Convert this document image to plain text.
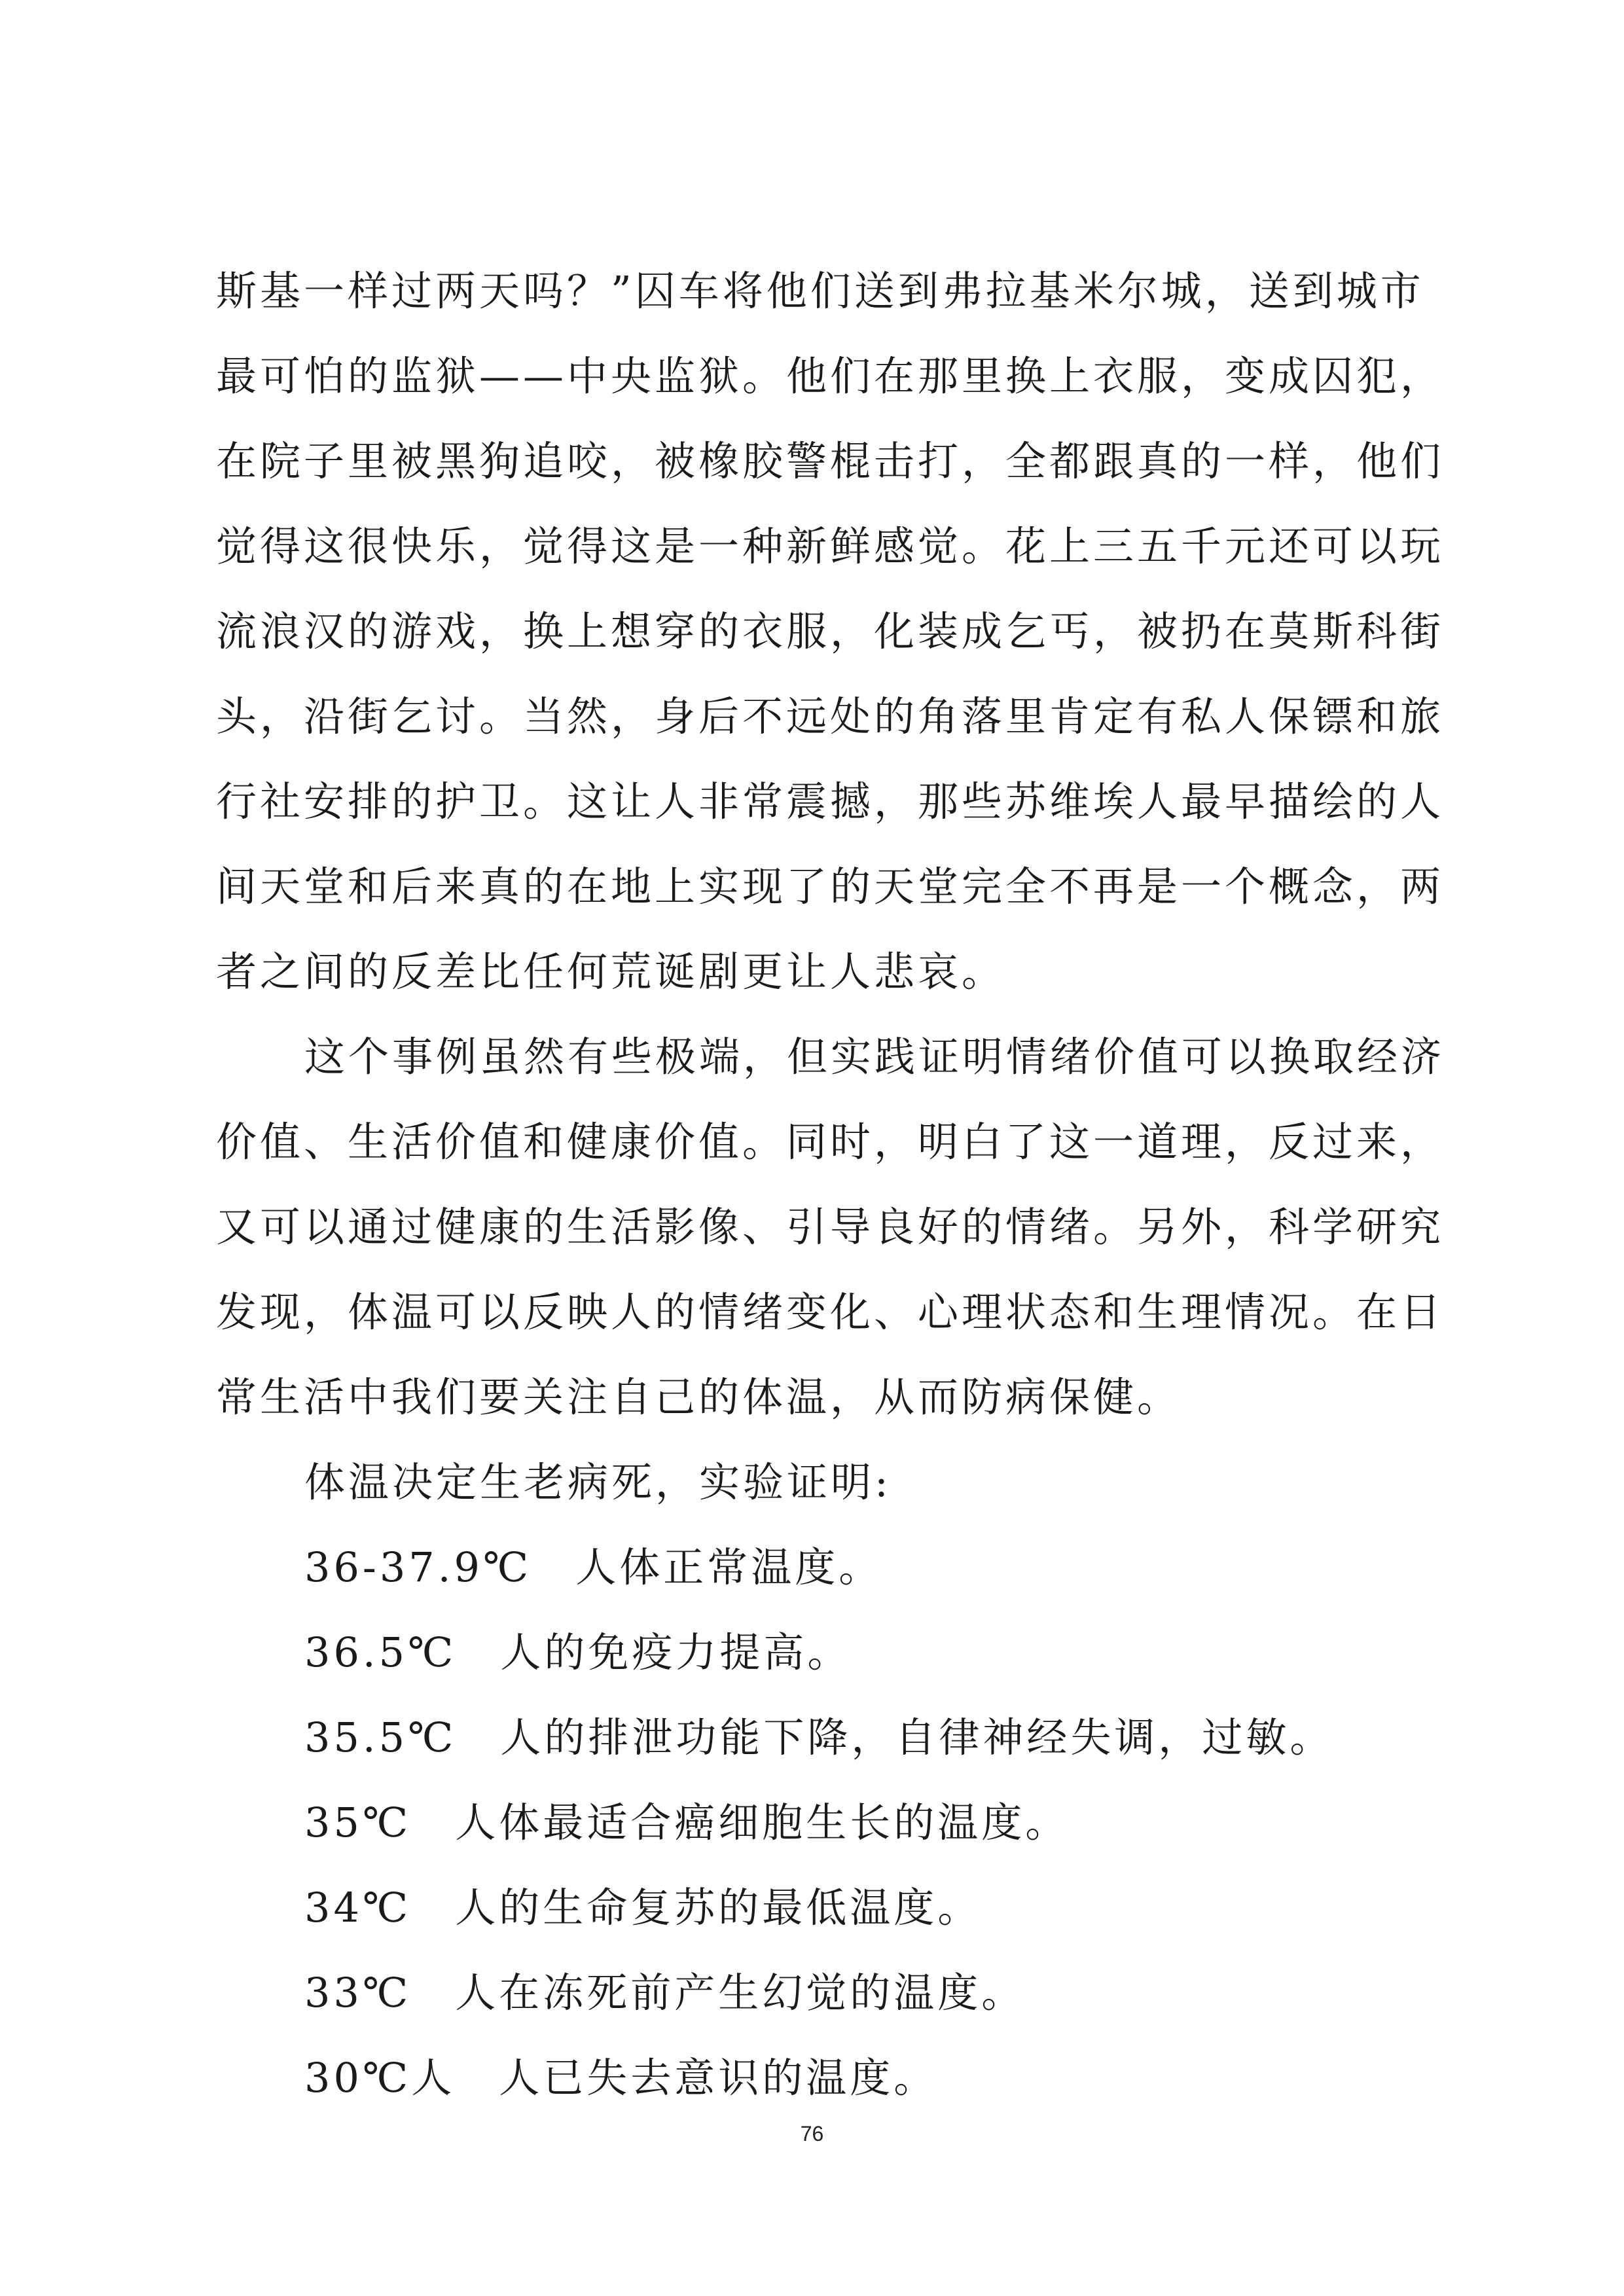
斯基一样过两天吗？”囚车将他们送到弗拉基米尔城，送到城市
最可怕的监狱——中央监狱。他们在那里换上衣服，变成囚犯，
在院子里被黑狗追咬，被橡胶警棍击打，全都跟真的一样，他们
觉得这很快乐，觉得这是一种新鲜感觉。花上三五千元还可以玩
流浪汉的游戏，换上想穿的衣服，化装成乞丐，被扔在莫斯科街
头，沿街乞讨。当然，身后不远处的角落里肯定有私人保镖和旅
行社安排的护卫。这让人非常震撼，那些苏维埃人最早描绘的人
间天堂和后来真的在地上实现了的天堂完全不再是一个概念，两
者之间的反差比任何荒诞剧更让人悲哀。
这个事例虽然有些极端，但实践证明情绪价值可以换取经济
价值、生活价值和健康价值。同时，明白了这一道理，反过来，
又可以通过健康的生活影像、引导良好的情绪。另外，科学研究
发现，体温可以反映人的情绪变化、心理状态和生理情况。在日
常生活中我们要关注自己的体温，从而防病保健。
体温决定生老病死，实验证明:
36-37.9℃　人体正常温度。
36.5℃　人的免疫力提高。
35.5℃　人的排泄功能下降，自律神经失调，过敏。
35℃　人体最适合癌细胞生长的温度。
34℃　人的生命复苏的最低温度。
33℃　人在冻死前产生幻觉的温度。
30℃人　人已失去意识的温度。
76
